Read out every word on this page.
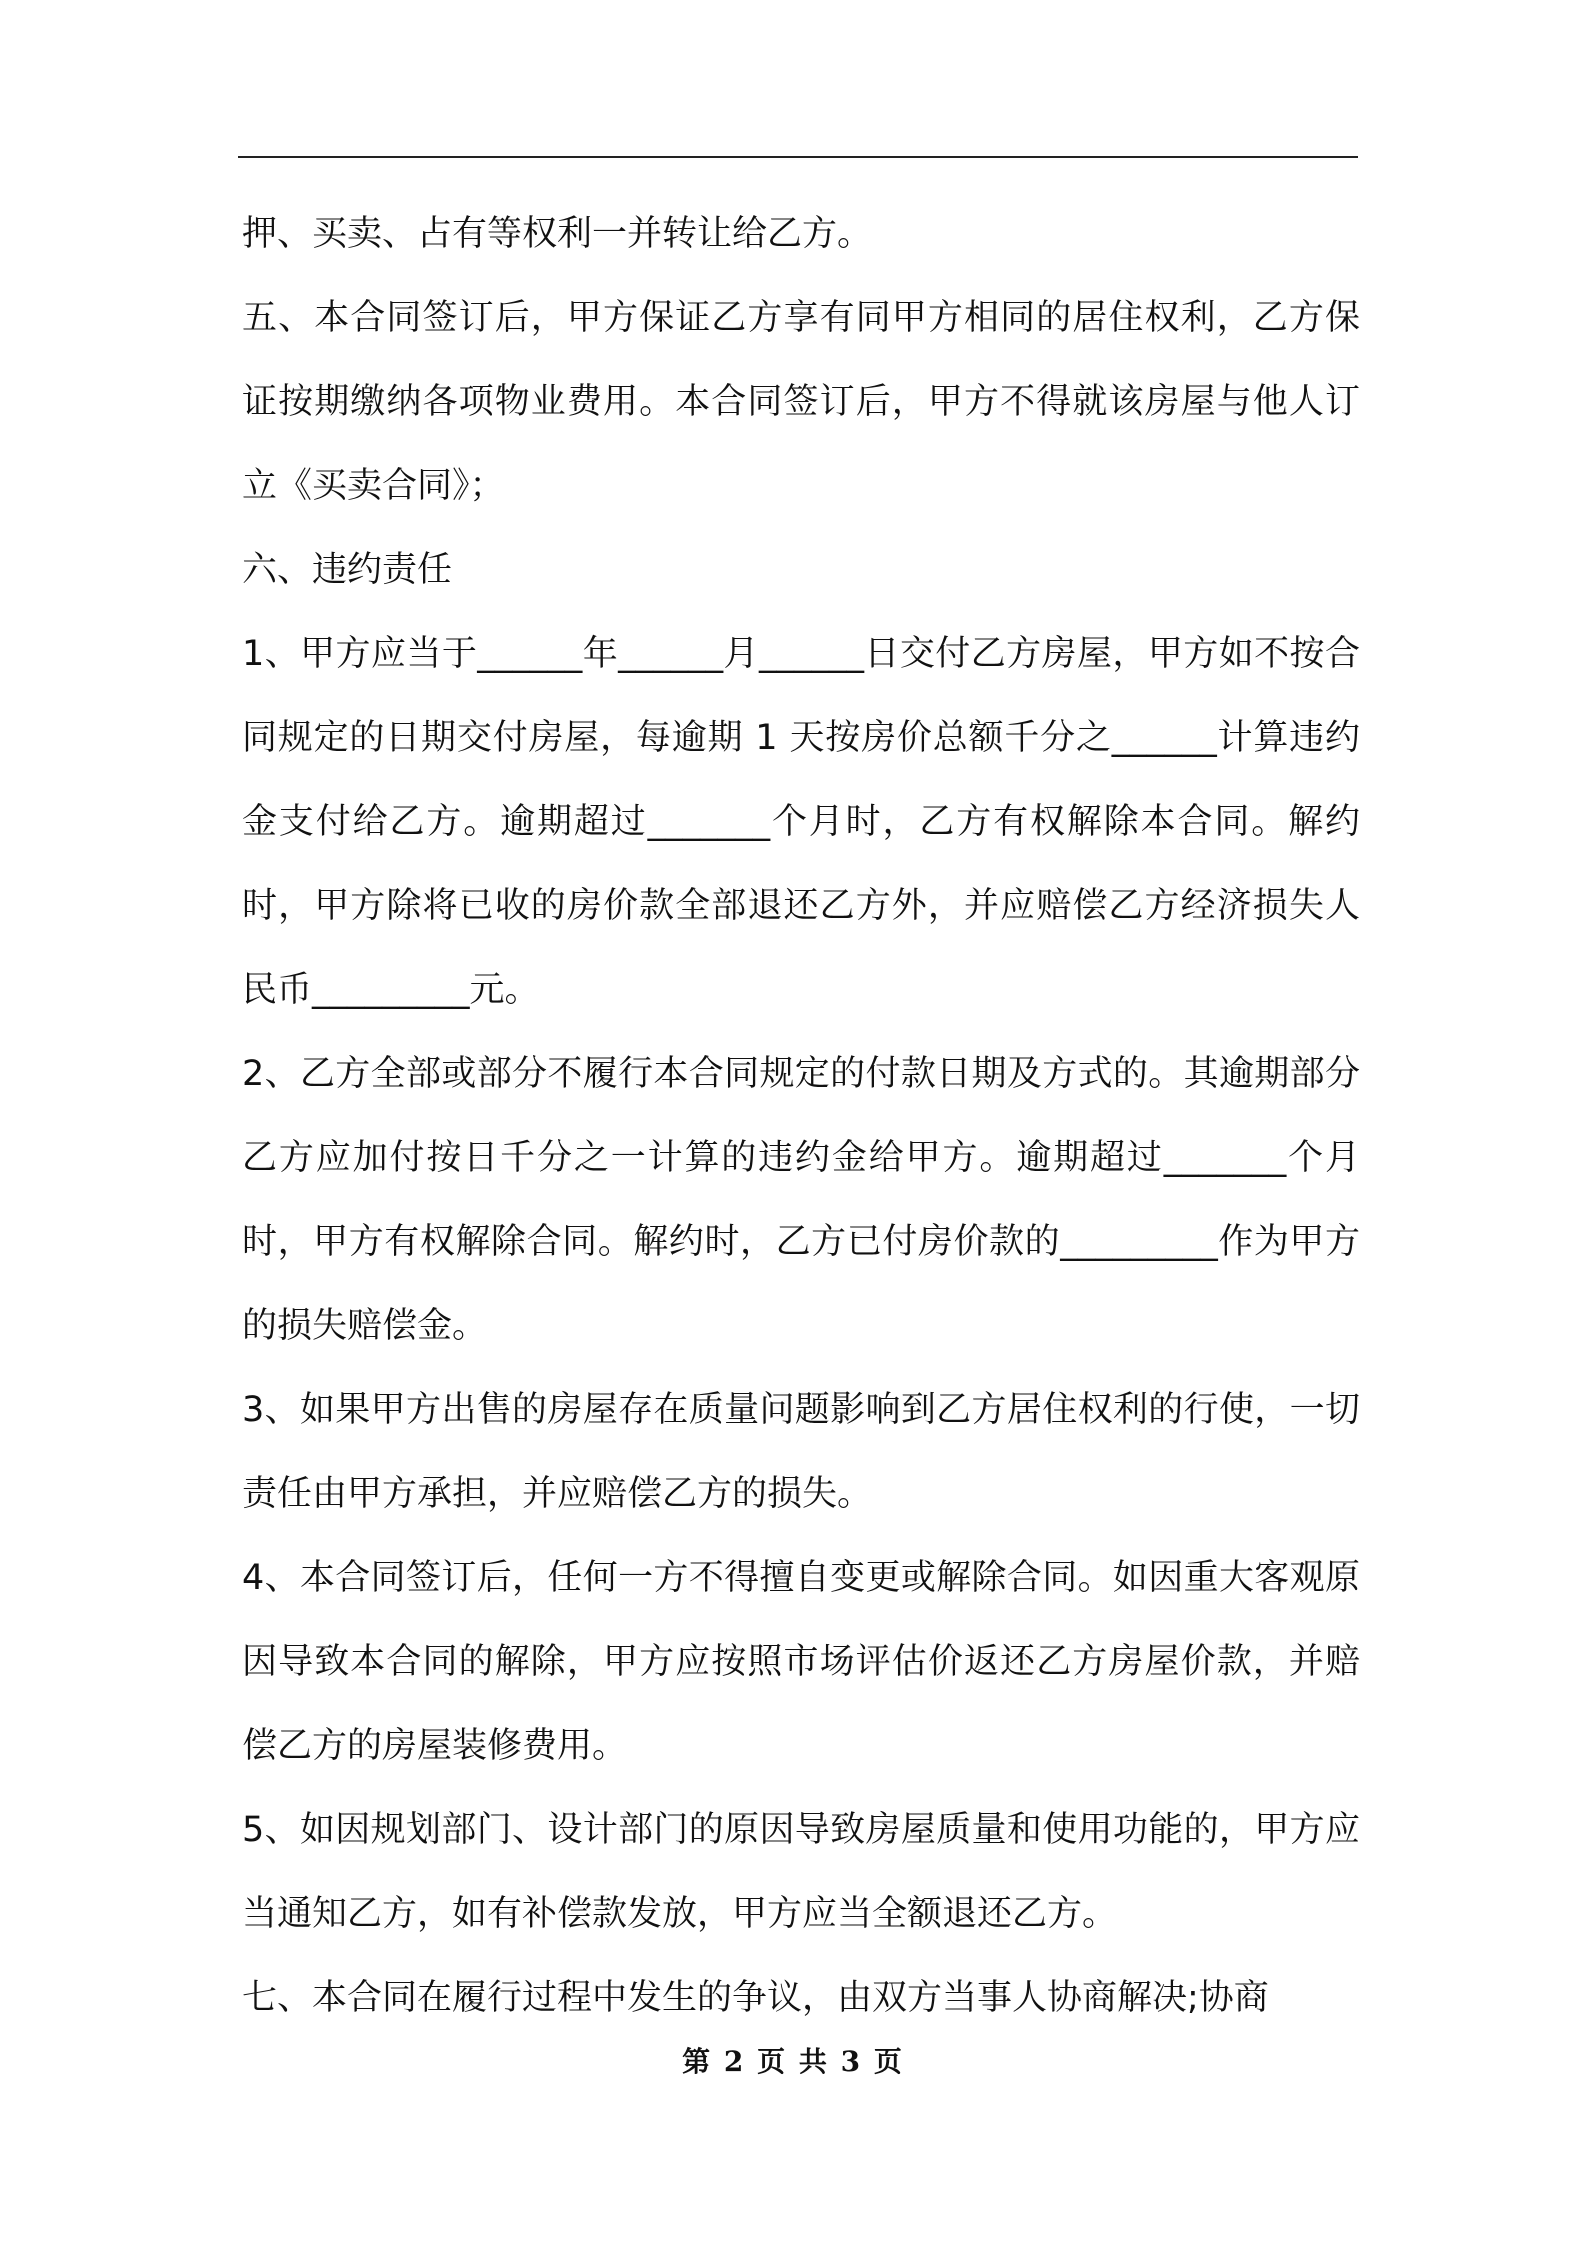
押、买卖、占有等权利一并转让给乙方。

五、本合同签订后，甲方保证乙方享有同甲方相同的居住权利，乙方保证按期缴纳各项物业费用。本合同签订后，甲方不得就该房屋与他人订立《买卖合同》；

六、违约责任

1、甲方应当于______年______月______日交付乙方房屋，甲方如不按合同规定的日期交付房屋，每逾期 1 天按房价总额千分之______计算违约金支付给乙方。逾期超过_______个月时，乙方有权解除本合同。解约时，甲方除将已收的房价款全部退还乙方外，并应赔偿乙方经济损失人民币_________元。

2、乙方全部或部分不履行本合同规定的付款日期及方式的。其逾期部分乙方应加付按日千分之一计算的违约金给甲方。逾期超过_______个月时，甲方有权解除合同。解约时，乙方已付房价款的_________作为甲方的损失赔偿金。

3、如果甲方出售的房屋存在质量问题影响到乙方居住权利的行使，一切责任由甲方承担，并应赔偿乙方的损失。

4、本合同签订后，任何一方不得擅自变更或解除合同。如因重大客观原因导致本合同的解除，甲方应按照市场评估价返还乙方房屋价款，并赔偿乙方的房屋装修费用。

5、如因规划部门、设计部门的原因导致房屋质量和使用功能的，甲方应当通知乙方，如有补偿款发放，甲方应当全额退还乙方。

七、本合同在履行过程中发生的争议，由双方当事人协商解决;协商

第 2 页 共 3 页
